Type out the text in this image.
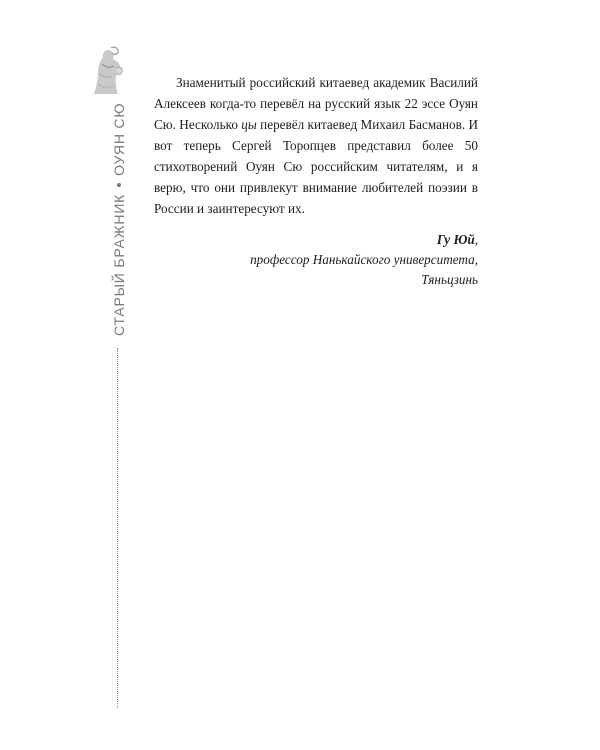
СТАРЫЙ БРАЖНИК
ОУЯН СЮ

Знаменитый российский китаевед академик Василий Алексеев когда-то перевёл на русский язык 22 эссе Оуян Сю. Несколько цы перевёл китаевед Михаил Басманов. И вот теперь Сергей Торопцев представил более 50 стихотворений Оуян Сю российским читателям, и я верю, что они привлекут внимание любителей поэзии в России и заинтересуют их.

Гу Юй,
профессор Нанькайского университета,
Тяньцзинь
